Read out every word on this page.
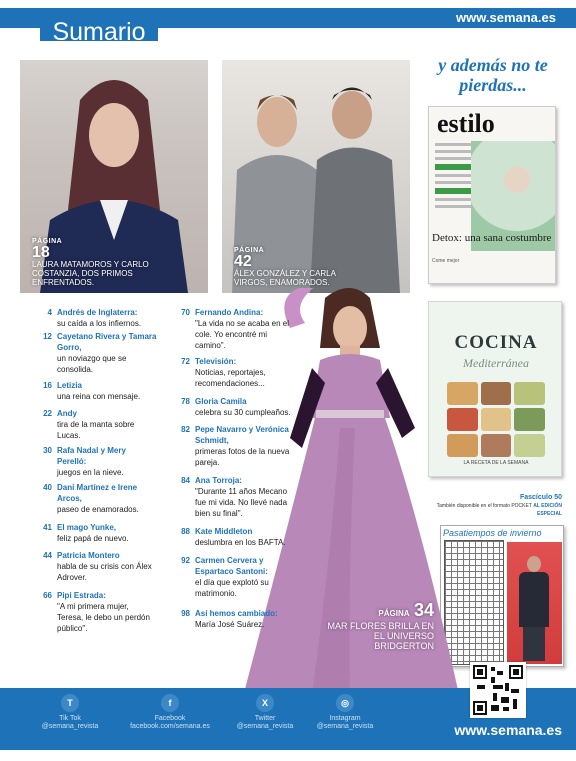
Sumario
www.semana.es
PÁGINA
18
LAURA MATAMOROS Y CARLO COSTANZIA, DOS PRIMOS ENFRENTADOS.
PÁGINA
42
ÁLEX GONZÁLEZ Y CARLA VIRGOS, ENAMORADOS.
y además no te pierdas...
estilo
Detox: una sana costumbre
Come mejor
COCINA
Mediterránea
LA RECETA DE LA SEMANA
Fascículo 50
También disponible en el formato POCKET AL EDICIÓN ESPECIAL
Pasatiempos de invierno
4 Andrés de Inglaterra:
su caída a los infiernos.
12 Cayetano Rivera y Tamara Gorro,
un noviazgo que se consolida.
16 Letizia
una reina con mensaje.
22 Andy
tira de la manta sobre Lucas.
30 Rafa Nadal y Mery Perelló:
juegos en la nieve.
40 Dani Martínez e Irene Arcos,
paseo de enamorados.
41 El mago Yunke,
feliz papá de nuevo.
44 Patricia Montero
habla de su crisis con Álex Adrover.
66 Pipi Estrada:
"A mi primera mujer, Teresa, le debo un perdón público".
70 Fernando Andina:
"La vida no se acaba en el cole. Yo encontré mi camino".
72 Televisión:
Noticias, reportajes, recomendaciones...
78 Gloria Camila
celebra su 30 cumpleaños.
82 Pepe Navarro y Verónica Schmidt,
primeras fotos de la nueva pareja.
84 Ana Torroja:
"Durante 11 años Mecano fue mi vida. No llevé nada bien su final".
88 Kate Middleton
deslumbra en los BAFTA.
92 Carmen Cervera y Espartaco Santoni:
el día que explotó su matrimonio.
98 Así hemos cambiado:
María José Suárez.
PÁGINA 34
MAR FLORES BRILLA EN EL UNIVERSO BRIDGERTON
T
Tik Tok
@semana_revista
f
Facebook
facebook.com/semana.es
X
Twitter
@semana_revista
◎
Instagram
@semana_revista	www.semana.es
